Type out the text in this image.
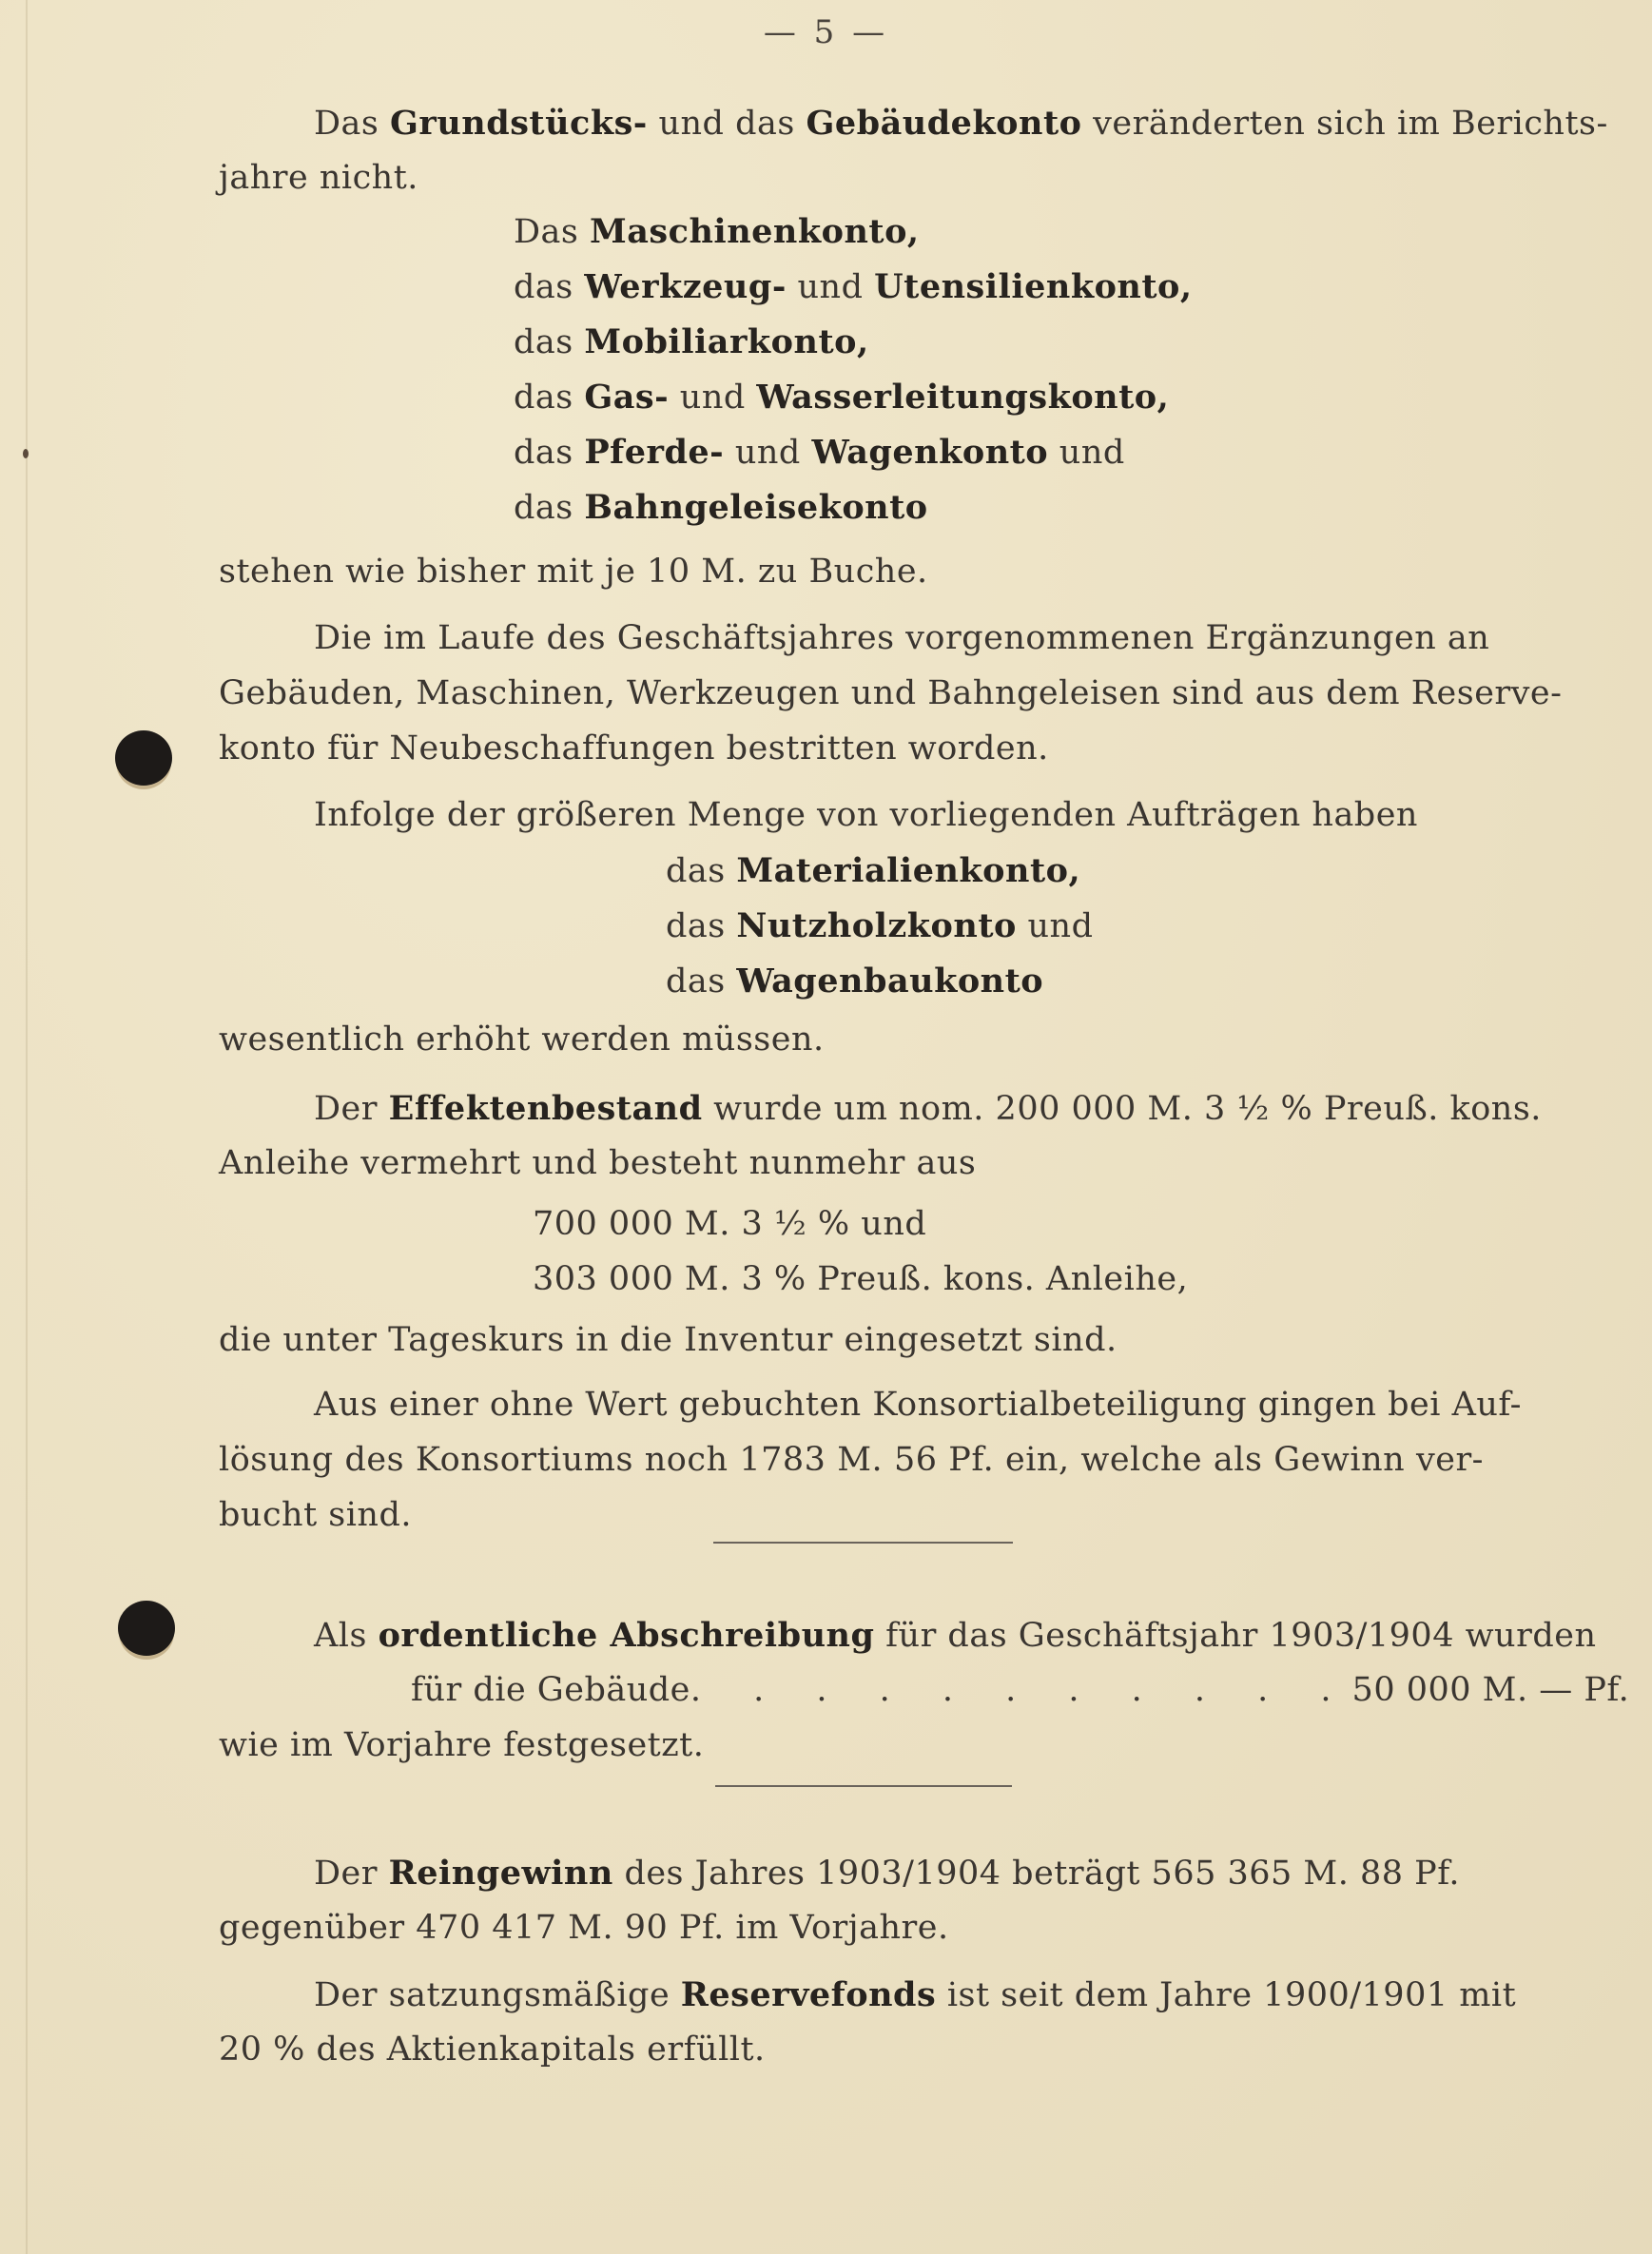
— 5 —
Das Grundstücks- und das Gebäudekonto veränderten sich im Berichts-
jahre nicht.
Das Maschinenkonto,
das Werkzeug- und Utensilienkonto,
das Mobiliarkonto,
das Gas- und Wasserleitungskonto,
das Pferde- und Wagenkonto und
das Bahngeleisekonto
stehen wie bisher mit je 10 M. zu Buche.
Die im Laufe des Geschäftsjahres vorgenommenen Ergänzungen an
Gebäuden, Maschinen, Werkzeugen und Bahngeleisen sind aus dem Reserve-
konto für Neubeschaffungen bestritten worden.
Infolge der größeren Menge von vorliegenden Aufträgen haben
das Materialienkonto,
das Nutzholzkonto und
das Wagenbaukonto
wesentlich erhöht werden müssen.
Der Effektenbestand wurde um nom. 200 000 M. 3 ½ % Preuß. kons.
Anleihe vermehrt und besteht nunmehr aus
700 000 M. 3 ½ % und
303 000 M. 3 % Preuß. kons. Anleihe,
die unter Tageskurs in die Inventur eingesetzt sind.
Aus einer ohne Wert gebuchten Konsortialbeteiligung gingen bei Auf-
lösung des Konsortiums noch 1783 M. 56 Pf. ein, welche als Gewinn ver-
bucht sind.
Als ordentliche Abschreibung für das Geschäftsjahr 1903/1904 wurden
für die Gebäude . . . . . . . . . . . 50 000 M. — Pf.
wie im Vorjahre festgesetzt.
Der Reingewinn des Jahres 1903/1904 beträgt 565 365 M. 88 Pf.
gegenüber 470 417 M. 90 Pf. im Vorjahre.
Der satzungsmäßige Reservefonds ist seit dem Jahre 1900/1901 mit
20 % des Aktienkapitals erfüllt.
